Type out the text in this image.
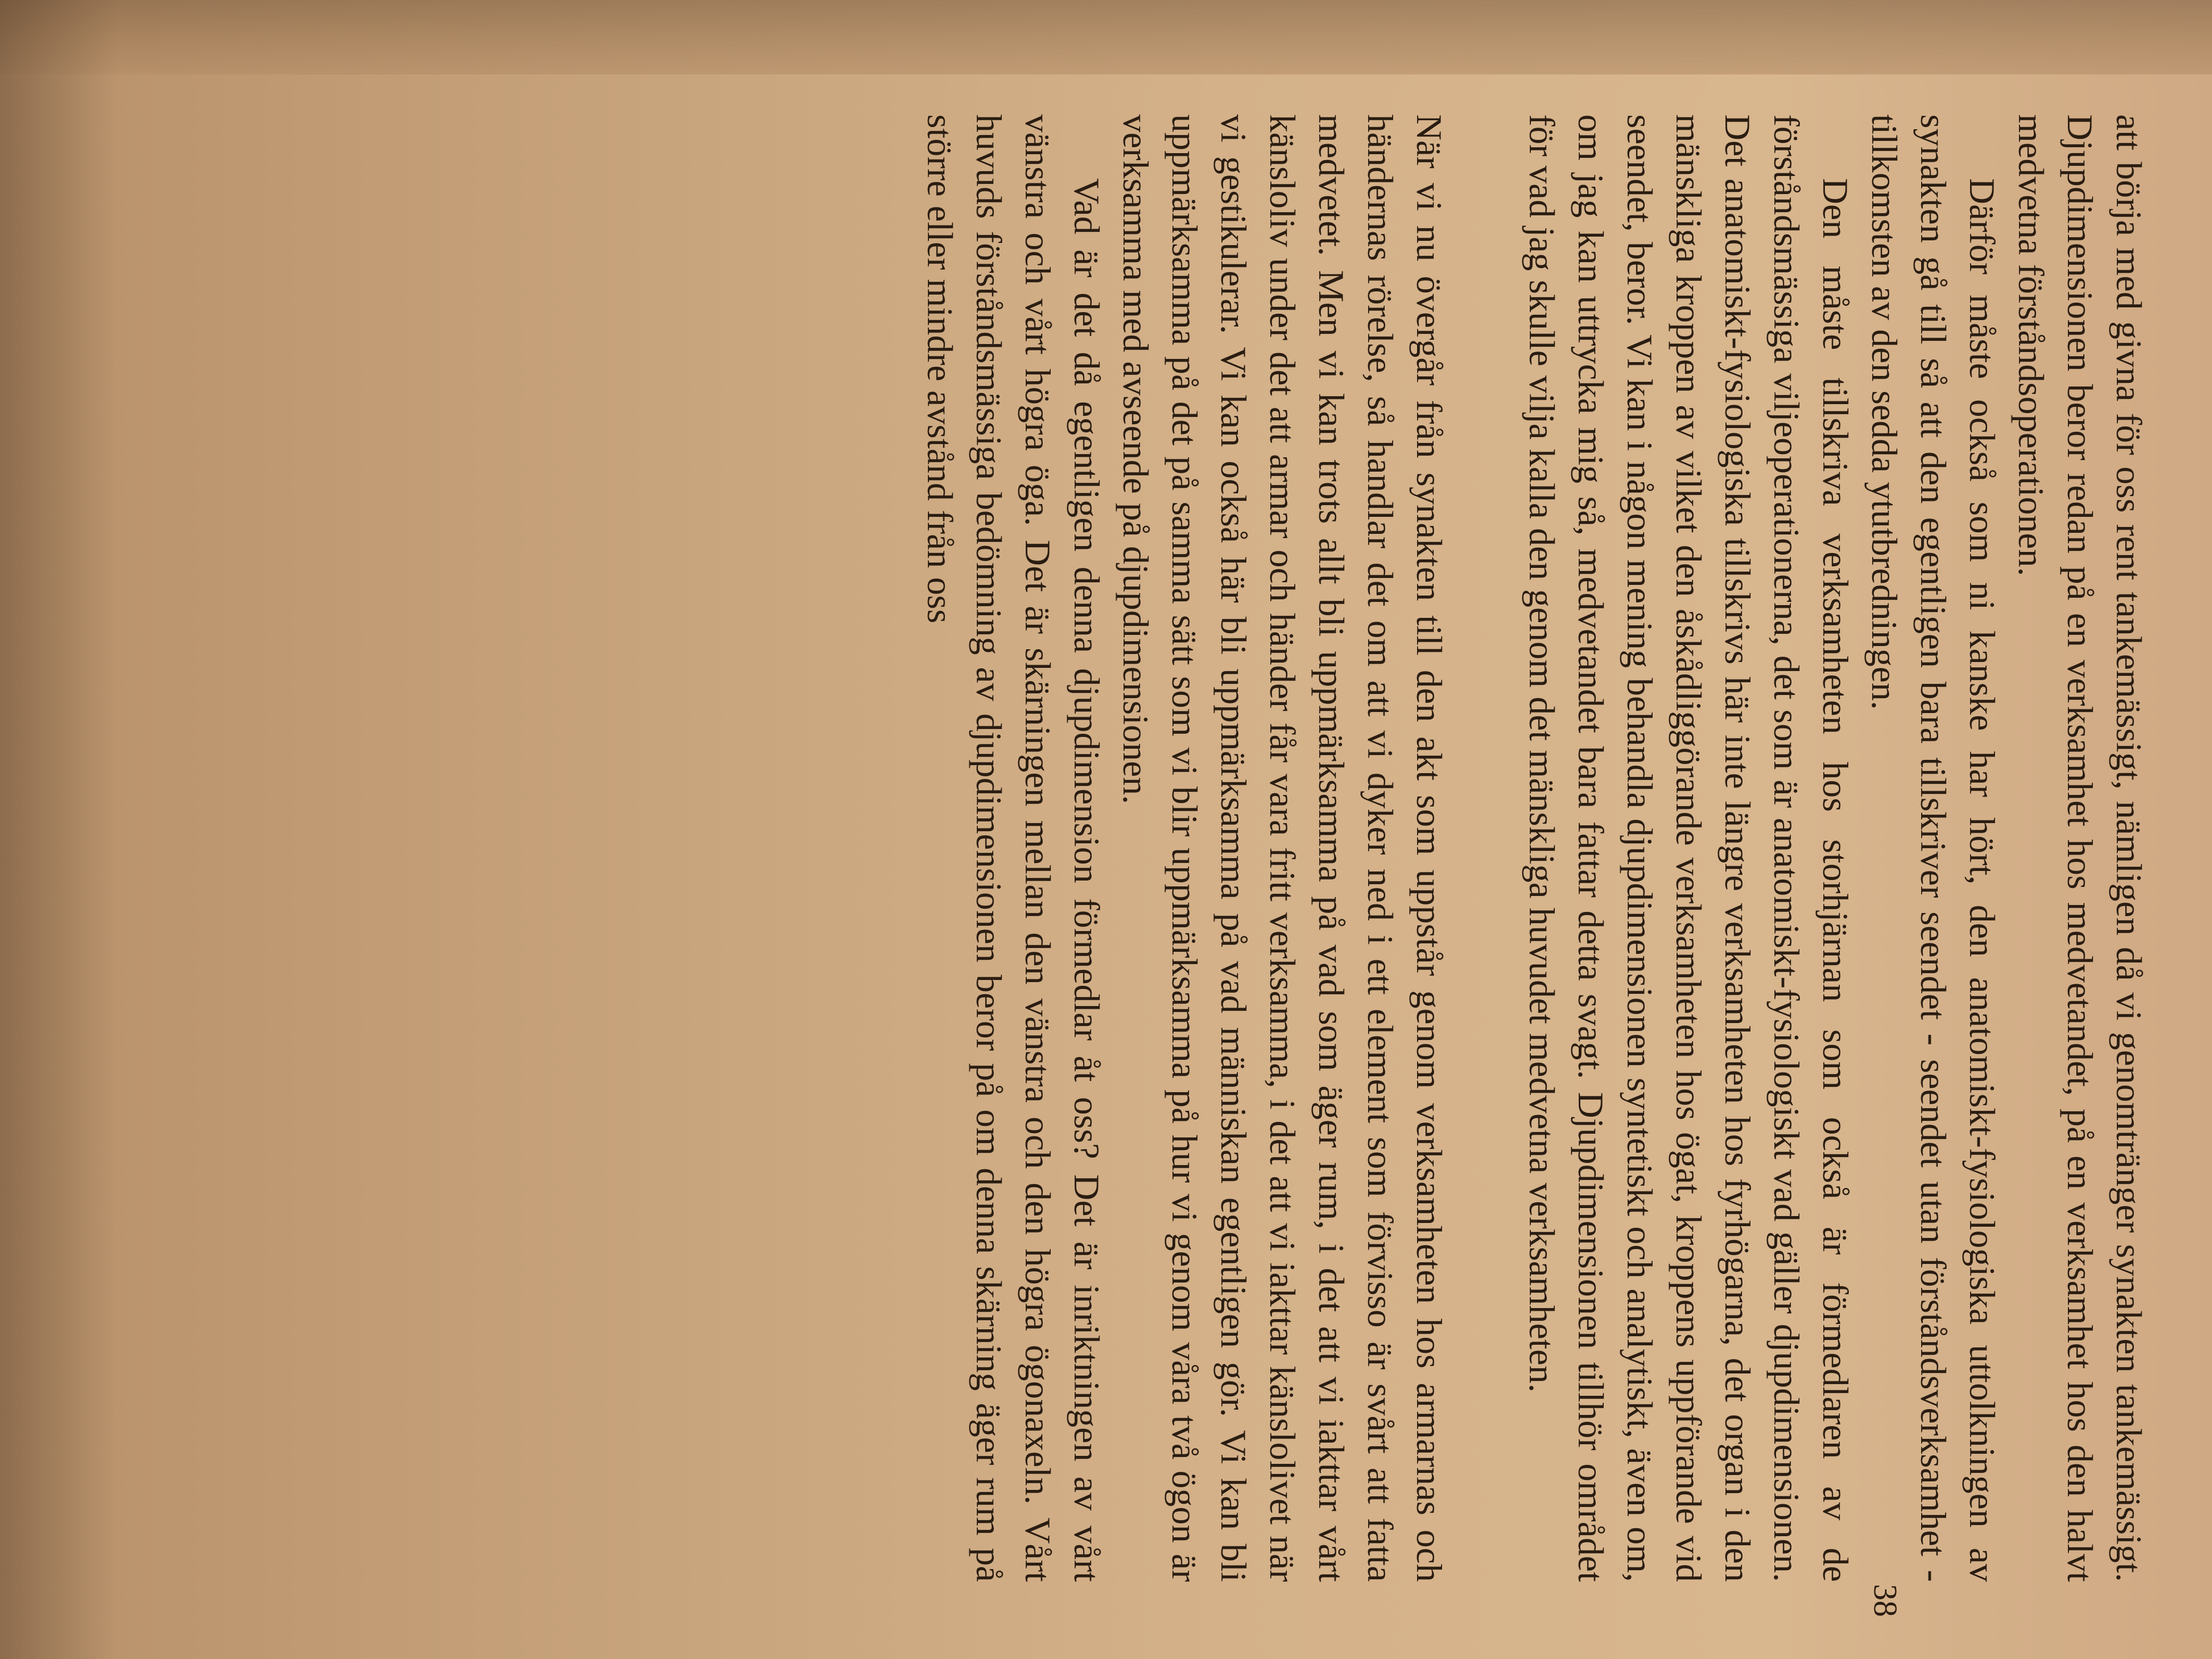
att börja med givna för oss rent tankemässigt, nämligen då vi genomtränger synakten tankemässigt. Djupdimensionen beror redan på en verksamhet hos medvetandet, på en verksamhet hos den halvt medvetna förståndsoperationen.

Därför måste också som ni kanske har hört, den anatomiskt-fysiologiska uttolkningen av synakten gå till så att den egentligen bara tillskriver seendet - seendet utan förståndsverksamhet - tillkomsten av den sedda ytutbredningen.

Den måste tillskriva verksamheten hos storhjärnan som också är förmedlaren av de förståndsmässiga viljeoperationerna, det som är anatomiskt-fysiologiskt vad gäller djupdimensionen. Det anatomiskt-fysiologiska tillskrivs här inte längre verksamheten hos fyrhögarna, det organ i den mänskliga kroppen av vilket den åskådliggörande verksamheten hos ögat, kroppens uppförande vid seendet, beror. Vi kan i någon mening behandla djupdimensionen syntetiskt och analytiskt, även om, om jag kan uttrycka mig så, medvetandet bara fattar detta svagt. Djupdimensionen tillhör området för vad jag skulle vilja kalla den genom det mänskliga huvudet medvetna verksamheten.

När vi nu övergår från synakten till den akt som uppstår genom verksamheten hos armarnas och händernas rörelse, så handlar det om att vi dyker ned i ett element som förvisso är svårt att fatta medvetet. Men vi kan trots allt bli uppmärksamma på vad som äger rum, i det att vi iakttar vårt känsloliv under det att armar och händer får vara fritt verksamma, i det att vi iakttar känslolivet när vi gestikulerar. Vi kan också här bli uppmärksamma på vad människan egentligen gör. Vi kan bli uppmärksamma på det på samma sätt som vi blir uppmärksamma på hur vi genom våra två ögon är verksamma med avseende på djupdimensionen.

Vad är det då egentligen denna djupdimension förmedlar åt oss? Det är inriktningen av vårt vänstra och vårt högra öga. Det är skärningen mellan den vänstra och den högra ögonaxeln. Vårt huvuds förståndsmässiga bedömning av djupdimensionen beror på om denna skärning äger rum på större eller mindre avstånd från oss

38
